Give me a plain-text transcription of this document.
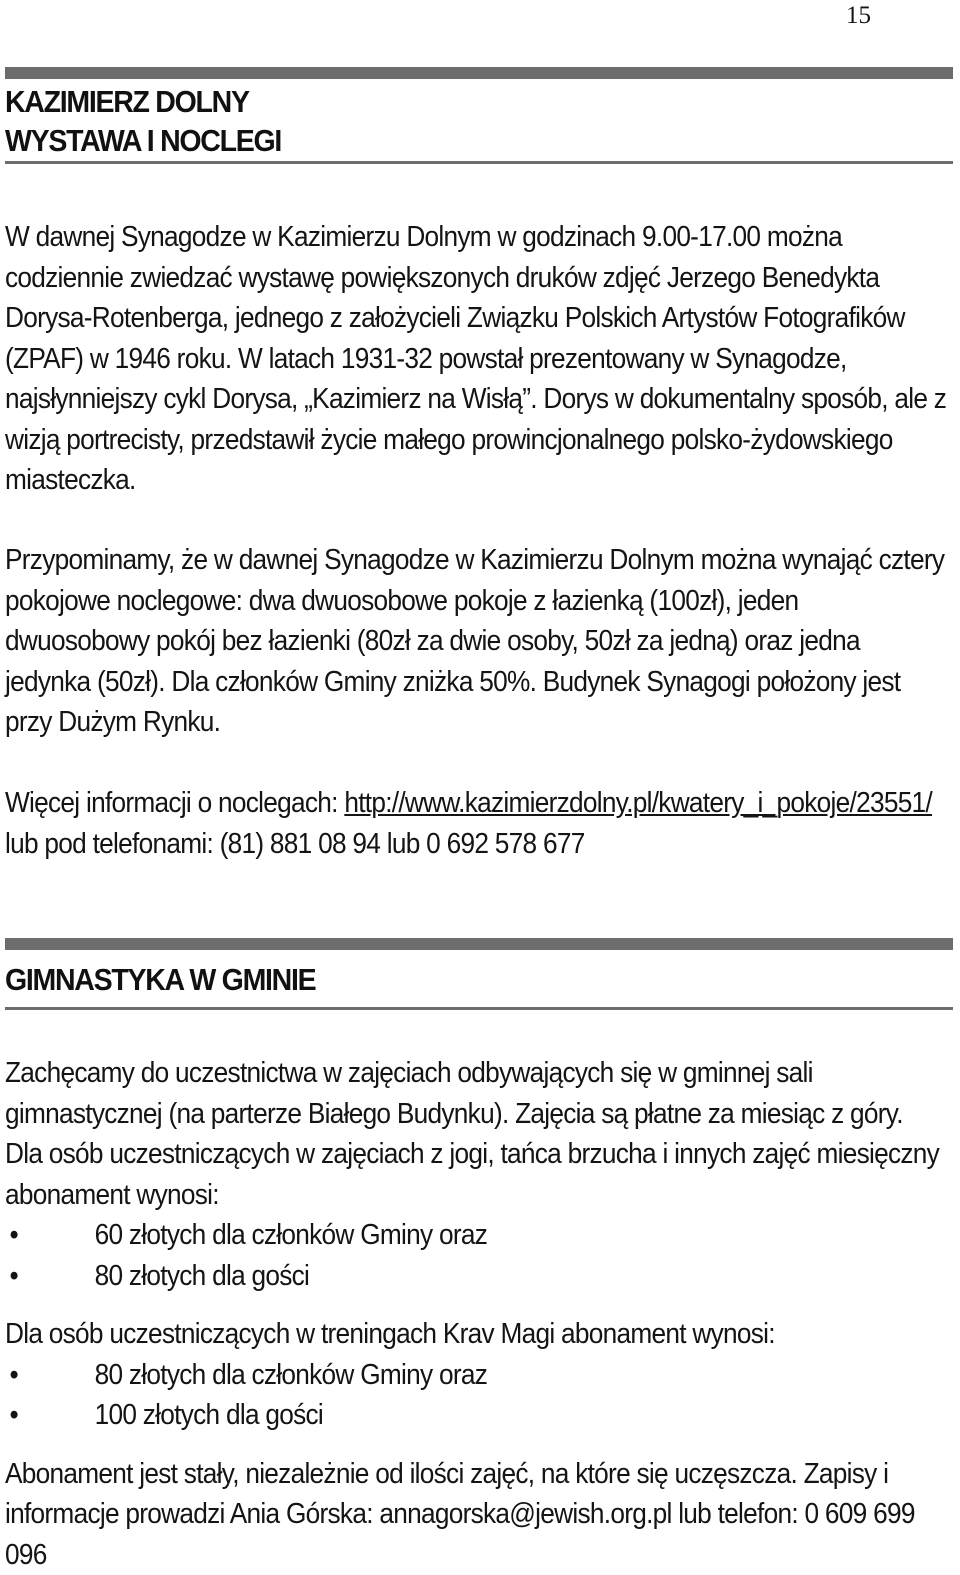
15
KAZIMIERZ DOLNY
WYSTAWA I NOCLEGI
W dawnej Synagodze w Kazimierzu Dolnym w godzinach 9.00-17.00 można codziennie zwiedzać wystawę powiększonych druków zdjęć Jerzego Benedykta Dorysa-Rotenberga, jednego z założycieli Związku Polskich Artystów Fotografików (ZPAF) w 1946 roku. W latach 1931-32 powstał prezentowany w Synagodze, najsłynniejszy cykl Dorysa, „Kazimierz na Wisłą”. Dorys w dokumentalny sposób, ale z wizją portrecisty, przedstawił życie małego prowincjonalnego polsko-żydowskiego miasteczka.
Przypominamy, że w dawnej Synagodze w Kazimierzu Dolnym można wynająć cztery pokojowe noclegowe: dwa dwuosobowe pokoje z łazienką (100zł), jeden dwuosobowy pokój bez łazienki (80zł za dwie osoby, 50zł za jedną) oraz jedna jedynka (50zł). Dla członków Gminy zniżka 50%. Budynek Synagogi położony jest przy Dużym Rynku.
Więcej informacji o noclegach: http://www.kazimierzdolny.pl/kwatery_i_pokoje/23551/ lub pod telefonami: (81) 881 08 94 lub 0 692 578 677
GIMNASTYKA W GMINIE

Zachęcamy do uczestnictwa w zajęciach odbywających się w gminnej sali gimnastycznej (na parterze Białego Budynku). Zajęcia są płatne za miesiąc z góry. Dla osób uczestniczących w zajęciach z jogi, tańca brzucha i innych zajęć miesięczny abonament wynosi:

•	60 złotych dla członków Gminy oraz
•	80 złotych dla gości

Dla osób uczestniczących w treningach Krav Magi abonament wynosi:

•	80 złotych dla członków Gminy oraz
•	100 złotych dla gości

Abonament jest stały, niezależnie od ilości zajęć, na które się uczęszcza. Zapisy i informacje prowadzi Ania Górska: annagorska@jewish.org.pl lub telefon: 0 609 699 096
